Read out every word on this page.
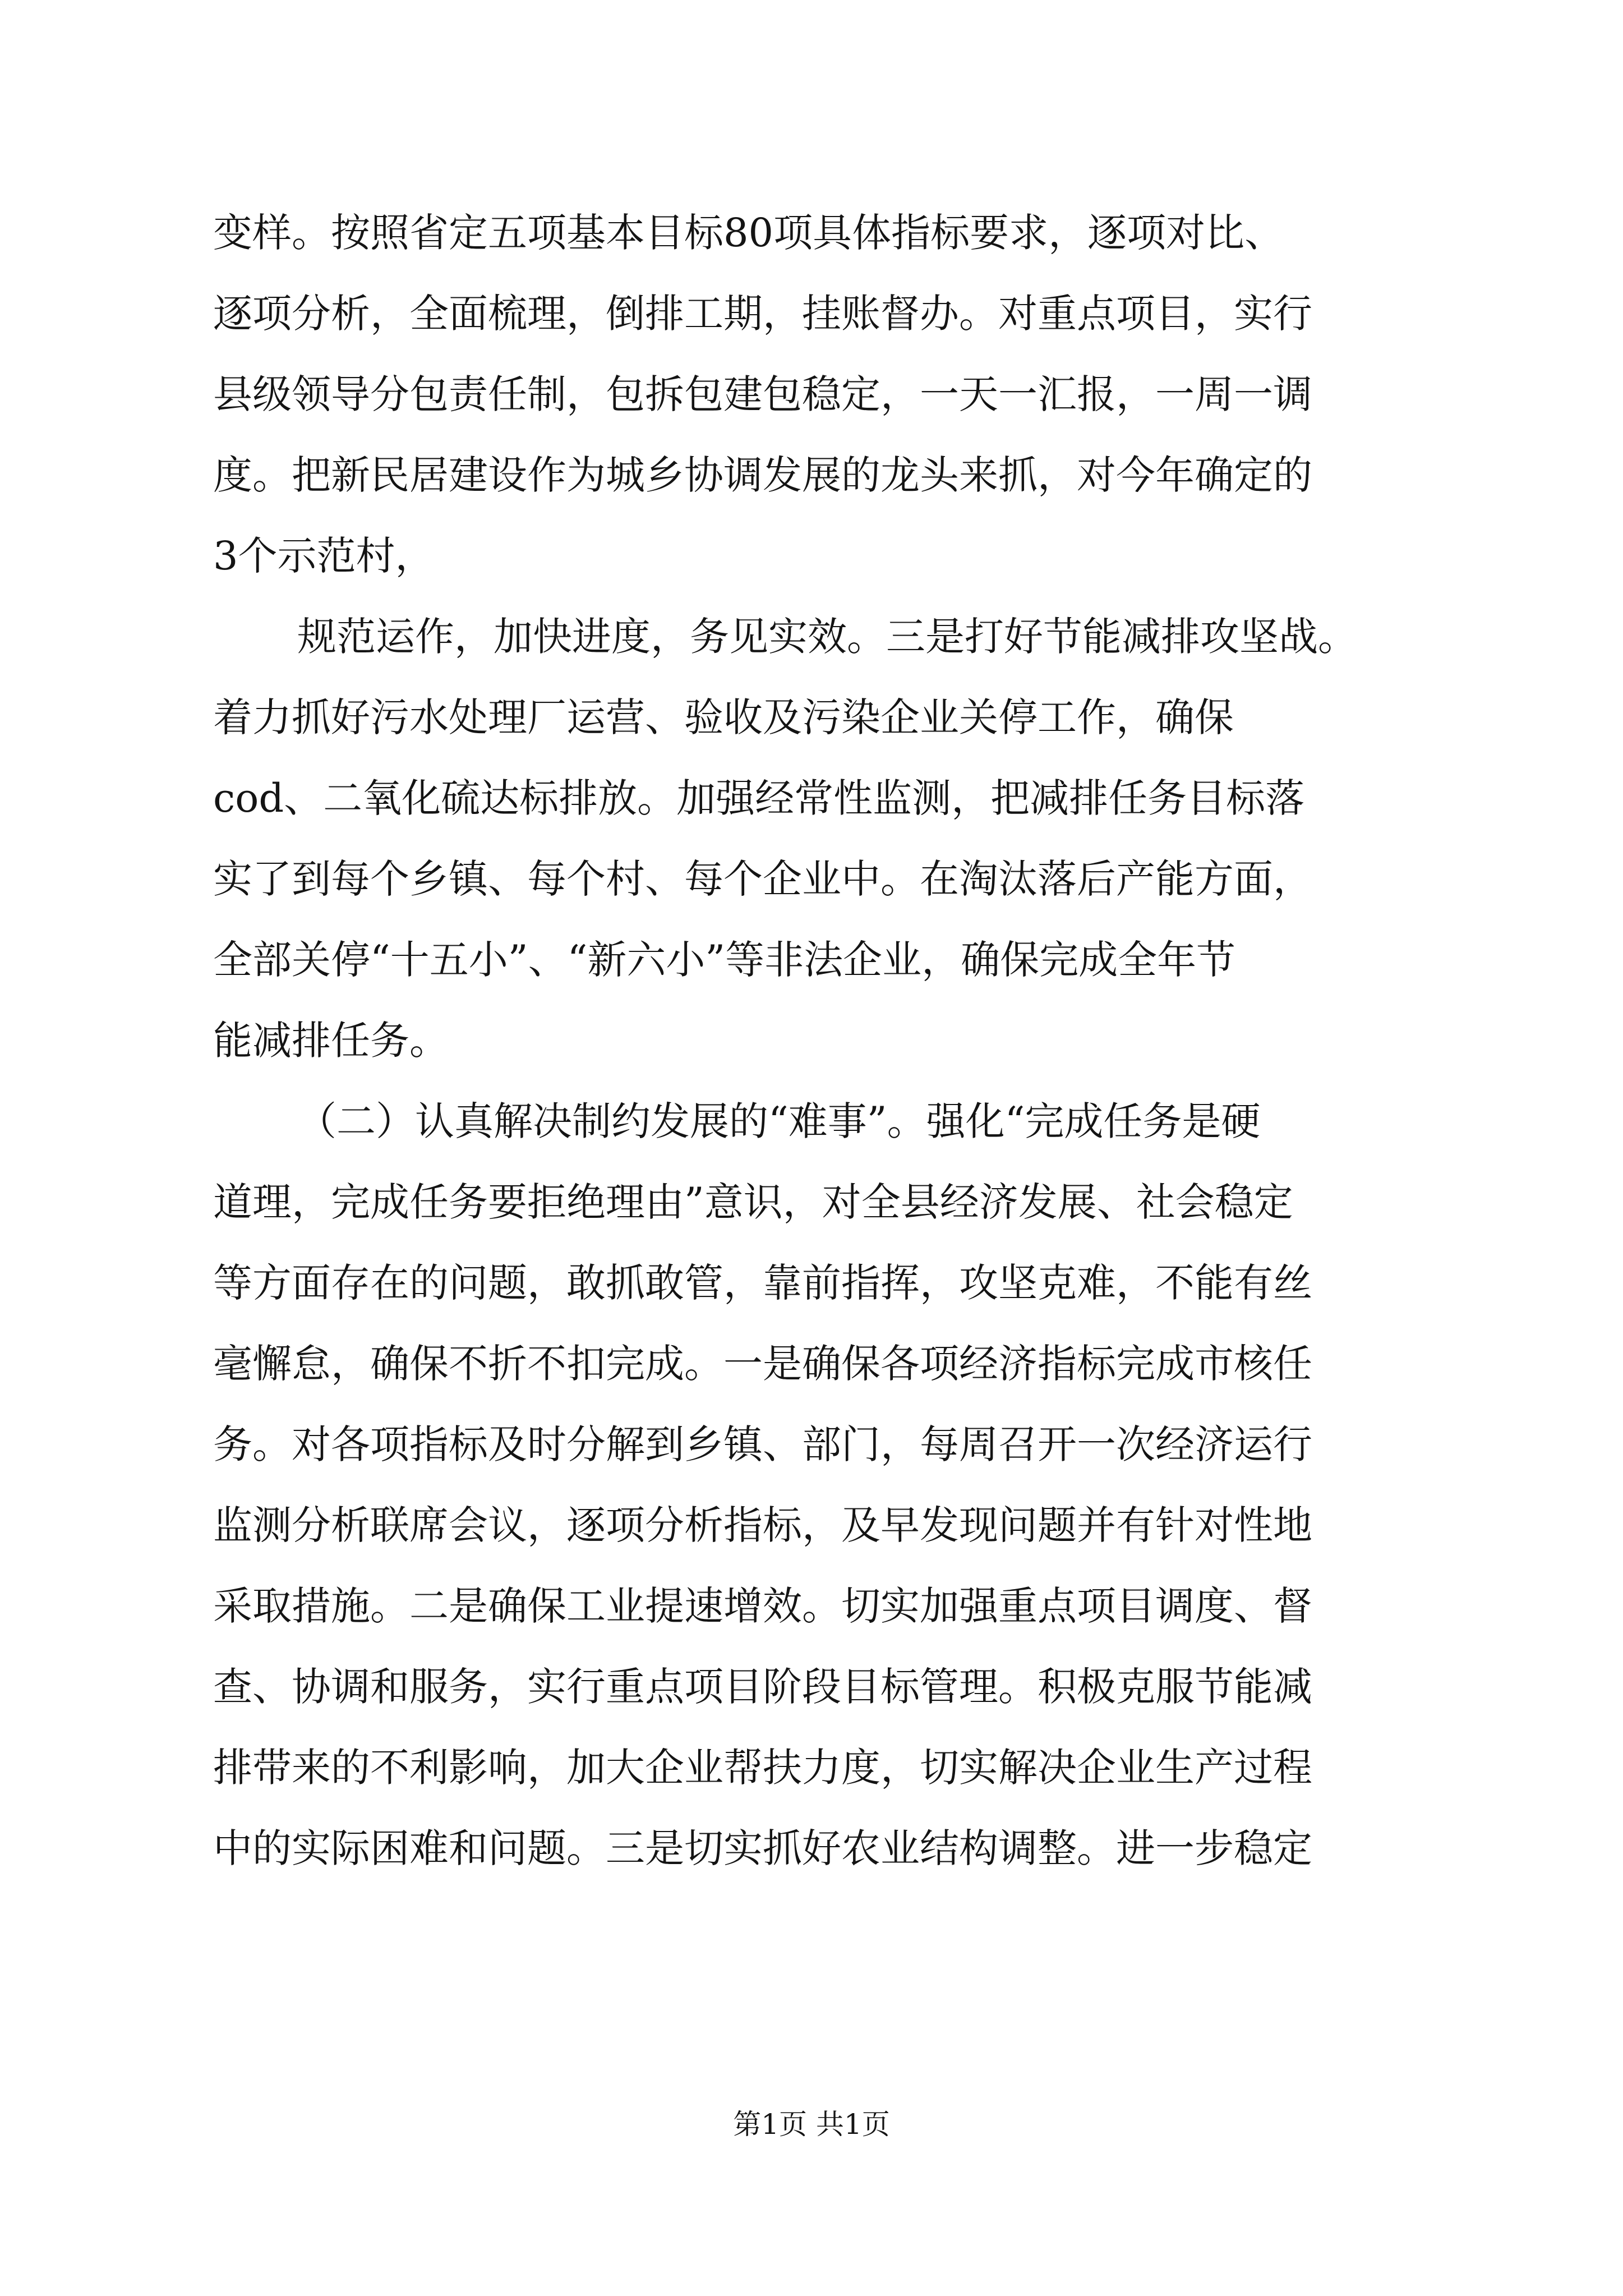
变样。按照省定五项基本目标80项具体指标要求，逐项对比、
逐项分析，全面梳理，倒排工期，挂账督办。对重点项目，实行
县级领导分包责任制，包拆包建包稳定，一天一汇报，一周一调
度。把新民居建设作为城乡协调发展的龙头来抓，对今年确定的
3个示范村，
规范运作，加快进度，务见实效。三是打好节能减排攻坚战。
着力抓好污水处理厂运营、验收及污染企业关停工作，确保
cod、二氧化硫达标排放。加强经常性监测，把减排任务目标落
实了到每个乡镇、每个村、每个企业中。在淘汰落后产能方面，
全部关停“十五小”、“新六小”等非法企业，确保完成全年节
能减排任务。
（二）认真解决制约发展的“难事”。强化“完成任务是硬
道理，完成任务要拒绝理由”意识，对全县经济发展、社会稳定
等方面存在的问题，敢抓敢管，靠前指挥，攻坚克难，不能有丝
毫懈怠，确保不折不扣完成。一是确保各项经济指标完成市核任
务。对各项指标及时分解到乡镇、部门，每周召开一次经济运行
监测分析联席会议，逐项分析指标，及早发现问题并有针对性地
采取措施。二是确保工业提速增效。切实加强重点项目调度、督
查、协调和服务，实行重点项目阶段目标管理。积极克服节能减
排带来的不利影响，加大企业帮扶力度，切实解决企业生产过程
中的实际困难和问题。三是切实抓好农业结构调整。进一步稳定
第1页 共1页
